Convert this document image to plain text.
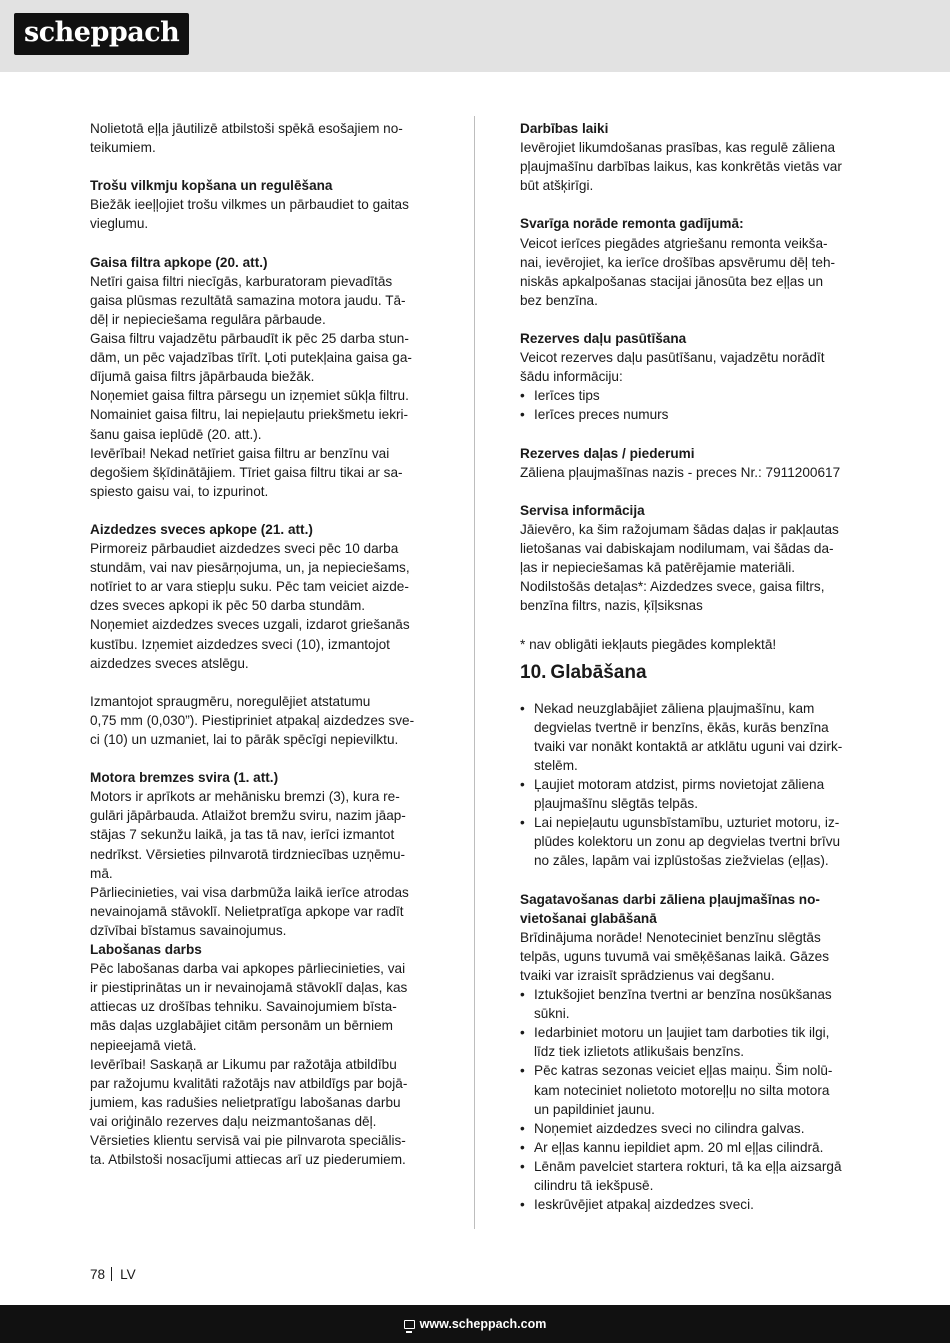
scheppach
Nolietotā eļļa jāutilizē atbilstoši spēkā esošajiem no-
teikumiem.
Trošu vilkmju kopšana un regulēšana
Biežāk ieeļļojiet trošu vilkmes un pārbaudiet to gaitas
vieglumu.
Gaisa filtra apkope (20. att.)
Netīri gaisa filtri niecīgās, karburatoram pievadītās
gaisa plūsmas rezultātā samazina motora jaudu. Tā-
dēļ ir nepieciešama regulāra pārbaude.
Gaisa filtru vajadzētu pārbaudīt ik pēc 25 darba stun-
dām, un pēc vajadzības tīrīt. Ļoti putekļaina gaisa ga-
dījumā gaisa filtrs jāpārbauda biežāk.
Noņemiet gaisa filtra pārsegu un izņemiet sūkļa filtru.
Nomainiet gaisa filtru, lai nepieļautu priekšmetu iekri-
šanu gaisa ieplūdē (20. att.).
Ievērībai! Nekad netīriet gaisa filtru ar benzīnu vai
degošiem šķīdinātājiem. Tīriet gaisa filtru tikai ar sa-
spiesto gaisu vai, to izpurinot.
Aizdedzes sveces apkope (21. att.)
Pirmoreiz pārbaudiet aizdedzes sveci pēc 10 darba
stundām, vai nav piesārņojuma, un, ja nepieciešams,
notīriet to ar vara stiepļu suku. Pēc tam veiciet aizde-
dzes sveces apkopi ik pēc 50 darba stundām.
Noņemiet aizdedzes sveces uzgali, izdarot griešanās
kustību. Izņemiet aizdedzes sveci (10), izmantojot
aizdedzes sveces atslēgu.
Izmantojot spraugmēru, noregulējiet atstatumu
0,75 mm (0,030”). Piestipriniet atpakaļ aizdedzes sve-
ci (10) un uzmaniet, lai to pārāk spēcīgi nepievilktu.
Motora bremzes svira (1. att.)
Motors ir aprīkots ar mehānisku bremzi (3), kura re-
gulāri jāpārbauda. Atlaižot bremžu sviru, nazim jāap-
stājas 7 sekunžu laikā, ja tas tā nav, ierīci izmantot
nedrīkst. Vērsieties pilnvarotā tirdzniecības uzņēmu-
mā.
Pārliecinieties, vai visa darbmūža laikā ierīce atrodas
nevainojamā stāvoklī. Nelietpratīga apkope var radīt
dzīvībai bīstamus savainojumus.
Labošanas darbs
Pēc labošanas darba vai apkopes pārliecinieties, vai
ir piestiprinātas un ir nevainojamā stāvoklī daļas, kas
attiecas uz drošības tehniku. Savainojumiem bīsta-
mās daļas uzglabājiet citām personām un bērniem
nepieejamā vietā.
Ievērībai! Saskaņā ar Likumu par ražotāja atbildību
par ražojumu kvalitāti ražotājs nav atbildīgs par bojā-
jumiem, kas radušies nelietpratīgu labošanas darbu
vai oriģinālo rezerves daļu neizmantošanas dēļ.
Vērsieties klientu servisā vai pie pilnvarota speciālis-
ta. Atbilstoši nosacījumi attiecas arī uz piederumiem.
Darbības laiki
Ievērojiet likumdošanas prasības, kas regulē zāliena
pļaujmašīnu darbības laikus, kas konkrētās vietās var
būt atšķirīgi.
Svarīga norāde remonta gadījumā:
Veicot ierīces piegādes atgriešanu remonta veikša-
nai, ievērojiet, ka ierīce drošības apsvērumu dēļ teh-
niskās apkalpošanas stacijai jānosūta bez eļļas un
bez benzīna.
Rezerves daļu pasūtīšana
Veicot rezerves daļu pasūtīšanu, vajadzētu norādīt
šādu informāciju:
• Ierīces tips
• Ierīces preces numurs
Rezerves daļas / piederumi
Zāliena pļaujmašīnas nazis - preces Nr.: 7911200617
Servisa informācija
Jāievēro, ka šim ražojumam šādas daļas ir pakļautas
lietošanas vai dabiskajam nodilumam, vai šādas da-
ļas ir nepieciešamas kā patērējamie materiāli.
Nodilstošās detaļas*: Aizdedzes svece, gaisa filtrs,
benzīna filtrs, nazis, ķīļsiksnas
* nav obligāti iekļauts piegādes komplektā!
10. Glabāšana
• Nekad neuzglabājiet zāliena pļaujmašīnu, kam
degvielas tvertnē ir benzīns, ēkās, kurās benzīna
tvaiki var nonākt kontaktā ar atklātu uguni vai dzirk-
stelēm.
• Ļaujiet motoram atdzist, pirms novietojat zāliena
pļaujmašīnu slēgtās telpās.
• Lai nepieļautu ugunsbīstamību, uzturiet motoru, iz-
plūdes kolektoru un zonu ap degvielas tvertni brīvu
no zāles, lapām vai izplūstošas ziežvielas (eļļas).
Sagatavošanas darbi zāliena pļaujmašīnas no-
vietošanai glabāšanā
Brīdinājuma norāde! Nenoteciniet benzīnu slēgtās
telpās, uguns tuvumā vai smēķēšanas laikā. Gāzes
tvaiki var izraisīt sprādzienus vai degšanu.
• Iztukšojiet benzīna tvertni ar benzīna nosūkšanas
sūkni.
• Iedarbiniet motoru un ļaujiet tam darboties tik ilgi,
līdz tiek izlietots atlikušais benzīns.
• Pēc katras sezonas veiciet eļļas maiņu. Šim nolū-
kam noteciniet nolietoto motoreļļu no silta motora
un papildiniet jaunu.
• Noņemiet aizdedzes sveci no cilindra galvas.
• Ar eļļas kannu iepildiet apm. 20 ml eļļas cilindrā.
• Lēnām pavelciet startera rokturi, tā ka eļļa aizsargā
cilindru tā iekšpusē.
• Ieskrūvējiet atpakaļ aizdedzes sveci.
78 LV
www.scheppach.com
